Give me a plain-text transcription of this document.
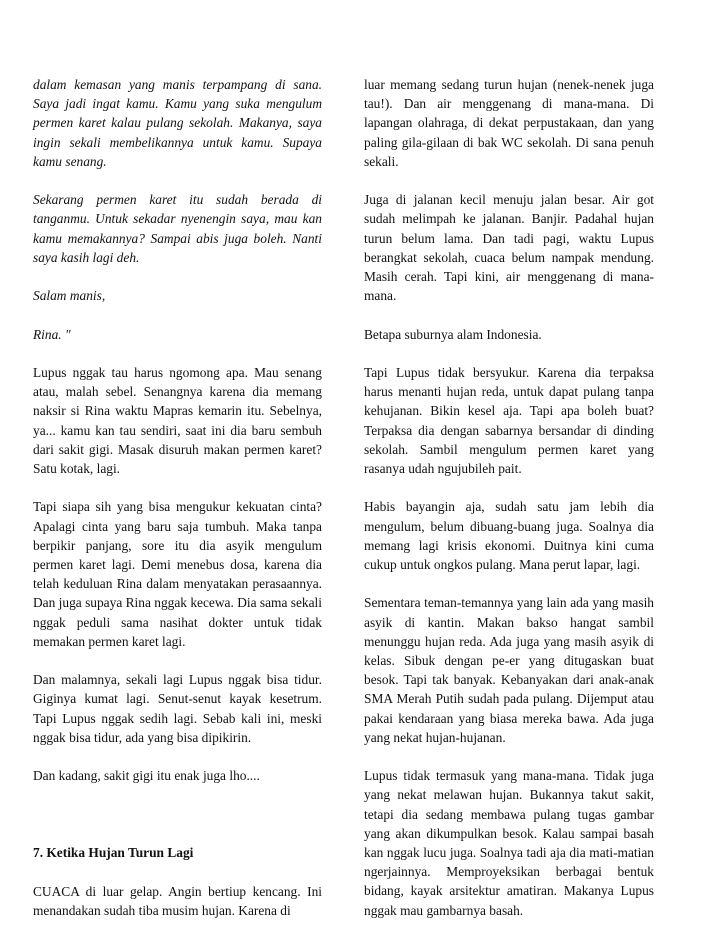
dalam kemasan yang manis terpampang di sana. Saya jadi ingat kamu. Kamu yang suka mengulum permen karet kalau pulang sekolah. Makanya, saya ingin sekali membelikannya untuk kamu. Supaya kamu senang.

Sekarang permen karet itu sudah berada di tanganmu. Untuk sekadar nyenengin saya, mau kan kamu memakannya? Sampai abis juga boleh. Nanti saya kasih lagi deh.

Salam manis,

Rina. "

Lupus nggak tau harus ngomong apa. Mau senang atau, malah sebel. Senangnya karena dia memang naksir si Rina waktu Mapras kemarin itu. Sebelnya, ya... kamu kan tau sendiri, saat ini dia baru sembuh dari sakit gigi. Masak disuruh makan permen karet? Satu kotak, lagi.

Tapi siapa sih yang bisa mengukur kekuatan cinta? Apalagi cinta yang baru saja tumbuh. Maka tanpa berpikir panjang, sore itu dia asyik mengulum permen karet lagi. Demi menebus dosa, karena dia telah keduluan Rina dalam menyatakan perasaannya. Dan juga supaya Rina nggak kecewa. Dia sama sekali nggak peduli sama nasihat dokter untuk tidak memakan permen karet lagi.

Dan malamnya, sekali lagi Lupus nggak bisa tidur. Giginya kumat lagi. Senut-senut kayak kesetrum. Tapi Lupus nggak sedih lagi. Sebab kali ini, meski nggak bisa tidur, ada yang bisa dipikirin.

Dan kadang, sakit gigi itu enak juga lho....

7. Ketika Hujan Turun Lagi

CUACA di luar gelap. Angin bertiup kencang. Ini menandakan sudah tiba musim hujan. Karena di

luar memang sedang turun hujan (nenek-nenek juga tau!). Dan air menggenang di mana-mana. Di lapangan olahraga, di dekat perpustakaan, dan yang paling gila-gilaan di bak WC sekolah. Di sana penuh sekali.

Juga di jalanan kecil menuju jalan besar. Air got sudah melimpah ke jalanan. Banjir. Padahal hujan turun belum lama. Dan tadi pagi, waktu Lupus berangkat sekolah, cuaca belum nampak mendung. Masih cerah. Tapi kini, air menggenang di mana-mana.

Betapa suburnya alam Indonesia.

Tapi Lupus tidak bersyukur. Karena dia terpaksa harus menanti hujan reda, untuk dapat pulang tanpa kehujanan. Bikin kesel aja. Tapi apa boleh buat? Terpaksa dia dengan sabarnya bersandar di dinding sekolah. Sambil mengulum permen karet yang rasanya udah ngujubileh pait.

Habis bayangin aja, sudah satu jam lebih dia mengulum, belum dibuang-buang juga. Soalnya dia memang lagi krisis ekonomi. Duitnya kini cuma cukup untuk ongkos pulang. Mana perut lapar, lagi.

Sementara teman-temannya yang lain ada yang masih asyik di kantin. Makan bakso hangat sambil menunggu hujan reda. Ada juga yang masih asyik di kelas. Sibuk dengan pe-er yang ditugaskan buat besok. Tapi tak banyak. Kebanyakan dari anak-anak SMA Merah Putih sudah pada pulang. Dijemput atau pakai kendaraan yang biasa mereka bawa. Ada juga yang nekat hujan-hujanan.

Lupus tidak termasuk yang mana-mana. Tidak juga yang nekat melawan hujan. Bukannya takut sakit, tetapi dia sedang membawa pulang tugas gambar yang akan dikumpulkan besok. Kalau sampai basah kan nggak lucu juga. Soalnya tadi aja dia mati-matian ngerjainnya. Memproyeksikan berbagai bentuk bidang, kayak arsitektur amatiran. Makanya Lupus nggak mau gambarnya basah.
